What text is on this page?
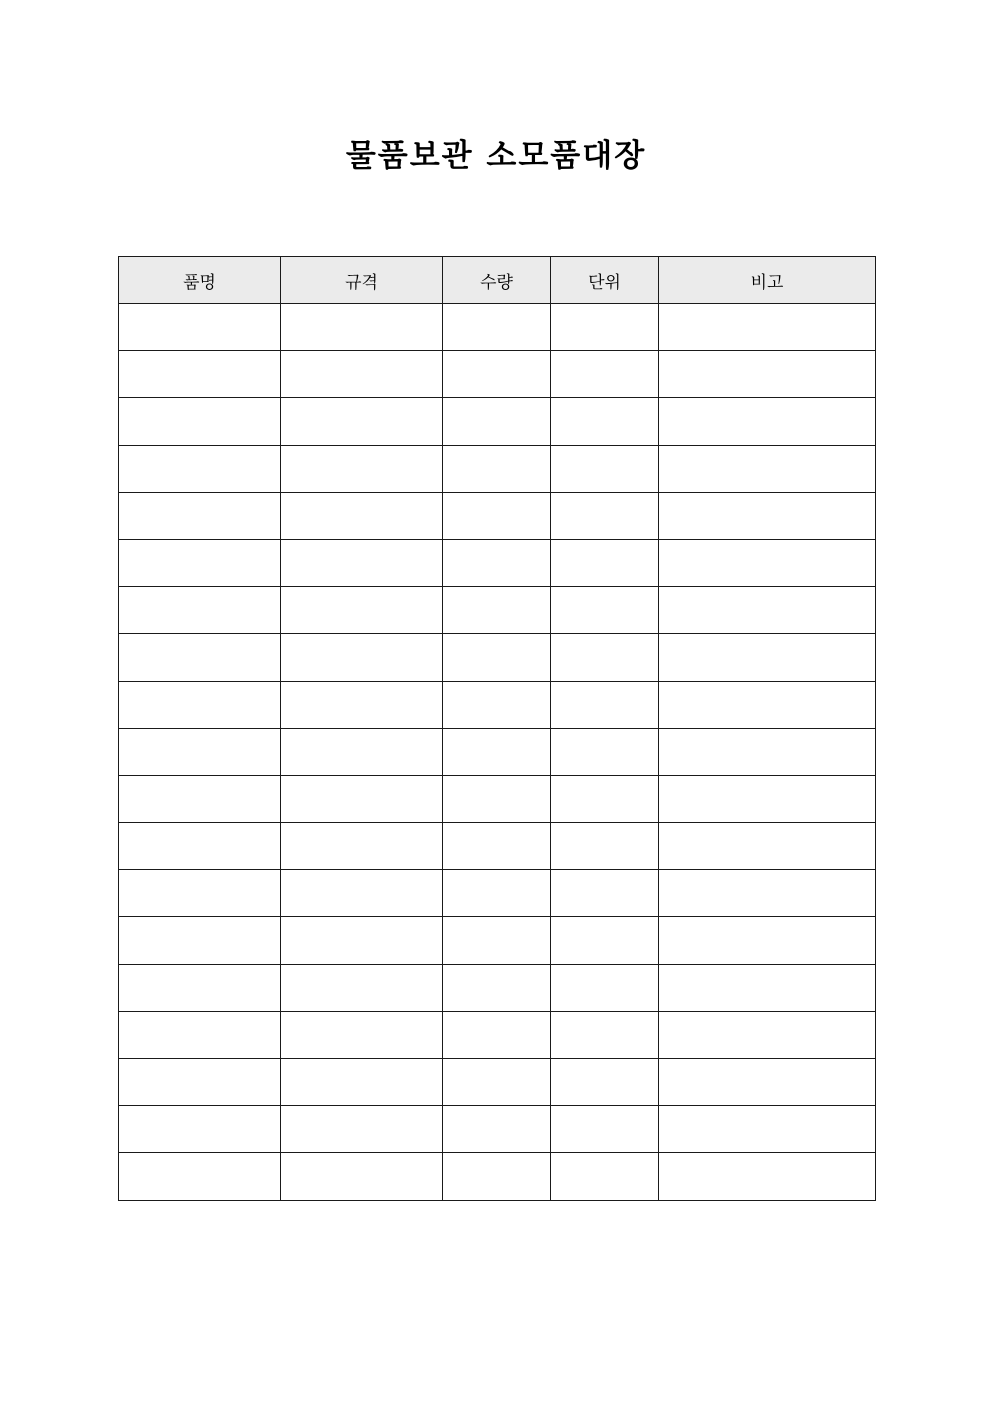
물품보관 소모품대장
품명	규격	수량	단위	비고
